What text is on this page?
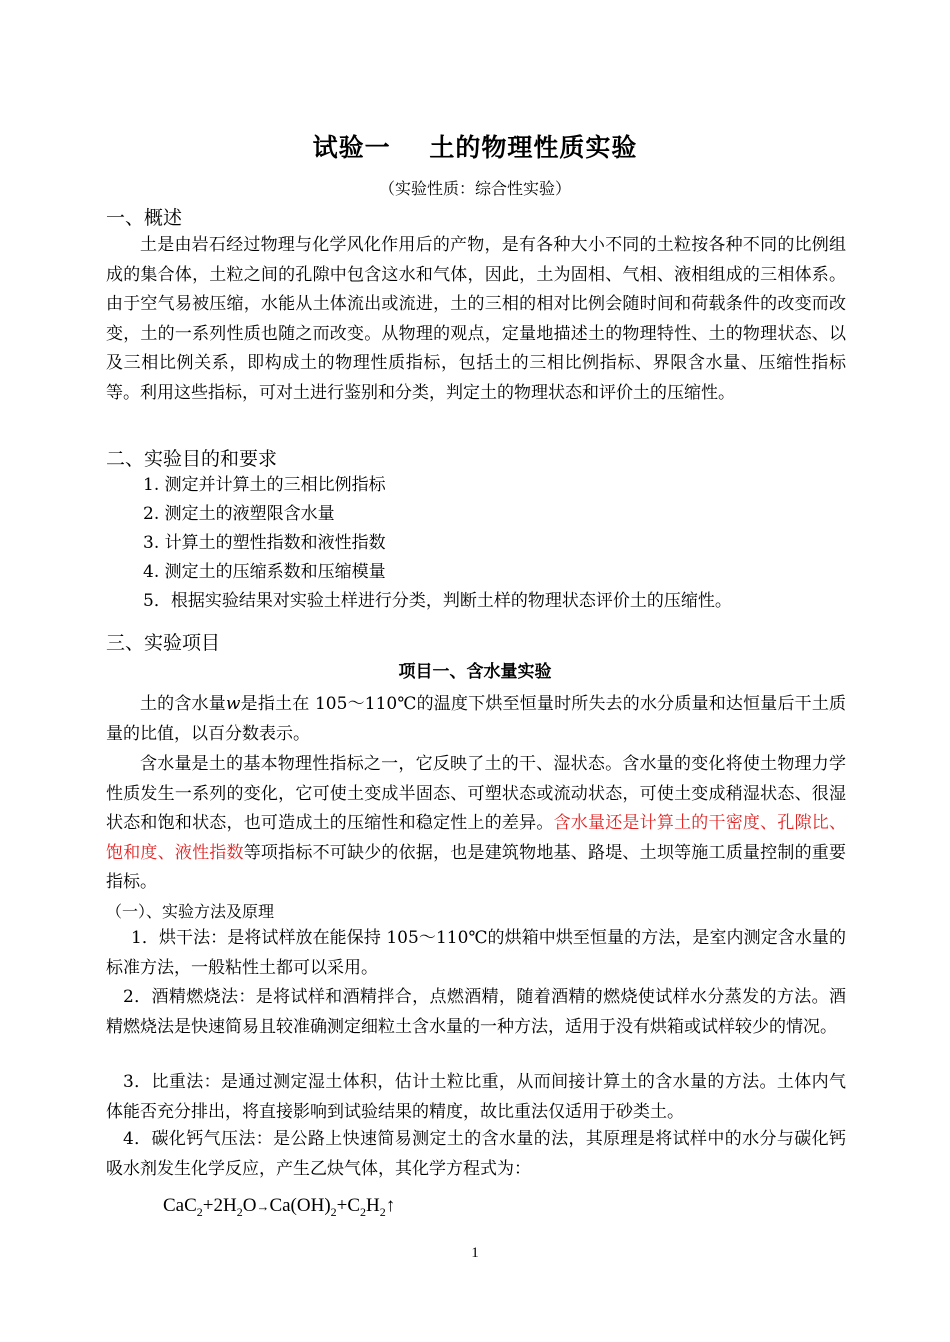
试验一    土的物理性质实验
（实验性质：综合性实验）
一、概述

土是由岩石经过物理与化学风化作用后的产物，是有各种大小不同的土粒按各种不同的比例组成的集合体，土粒之间的孔隙中包含这水和气体，因此，土为固相、气相、液相组成的三相体系。由于空气易被压缩，水能从土体流出或流进，土的三相的相对比例会随时间和荷载条件的改变而改变，土的一系列性质也随之而改变。从物理的观点，定量地描述土的物理特性、土的物理状态、以及三相比例关系，即构成土的物理性质指标，包括土的三相比例指标、界限含水量、压缩性指标等。利用这些指标，可对土进行鉴别和分类，判定土的物理状态和评价土的压缩性。

二、实验目的和要求
1. 测定并计算土的三相比例指标
2. 测定土的液塑限含水量
3. 计算土的塑性指数和液性指数
4. 测定土的压缩系数和压缩模量
5．根据实验结果对实验土样进行分类，判断土样的物理状态评价土的压缩性。
三、实验项目
项目一、含水量实验

土的含水量w是指土在 105～110℃的温度下烘至恒量时所失去的水分质量和达恒量后干土质量的比值，以百分数表示。

含水量是土的基本物理性指标之一，它反映了土的干、湿状态。含水量的变化将使土物理力学性质发生一系列的变化，它可使土变成半固态、可塑状态或流动状态，可使土变成稍湿状态、很湿状态和饱和状态，也可造成土的压缩性和稳定性上的差异。含水量还是计算土的干密度、孔隙比、饱和度、液性指数等项指标不可缺少的依据，也是建筑物地基、路堤、土坝等施工质量控制的重要指标。

（一）、实验方法及原理

1．烘干法：是将试样放在能保持 105～110℃的烘箱中烘至恒量的方法，是室内测定含水量的标准方法，一般粘性土都可以采用。

2．酒精燃烧法：是将试样和酒精拌合，点燃酒精，随着酒精的燃烧使试样水分蒸发的方法。酒精燃烧法是快速简易且较准确测定细粒土含水量的一种方法，适用于没有烘箱或试样较少的情况。

3．比重法：是通过测定湿土体积，估计土粒比重，从而间接计算土的含水量的方法。土体内气体能否充分排出，将直接影响到试验结果的精度，故比重法仅适用于砂类土。

4．碳化钙气压法：是公路上快速简易测定土的含水量的法，其原理是将试样中的水分与碳化钙吸水剂发生化学反应，产生乙炔气体，其化学方程式为：

$CaC_2+2H_2O\to Ca(OH)_2+C_2H_2↑$
1
